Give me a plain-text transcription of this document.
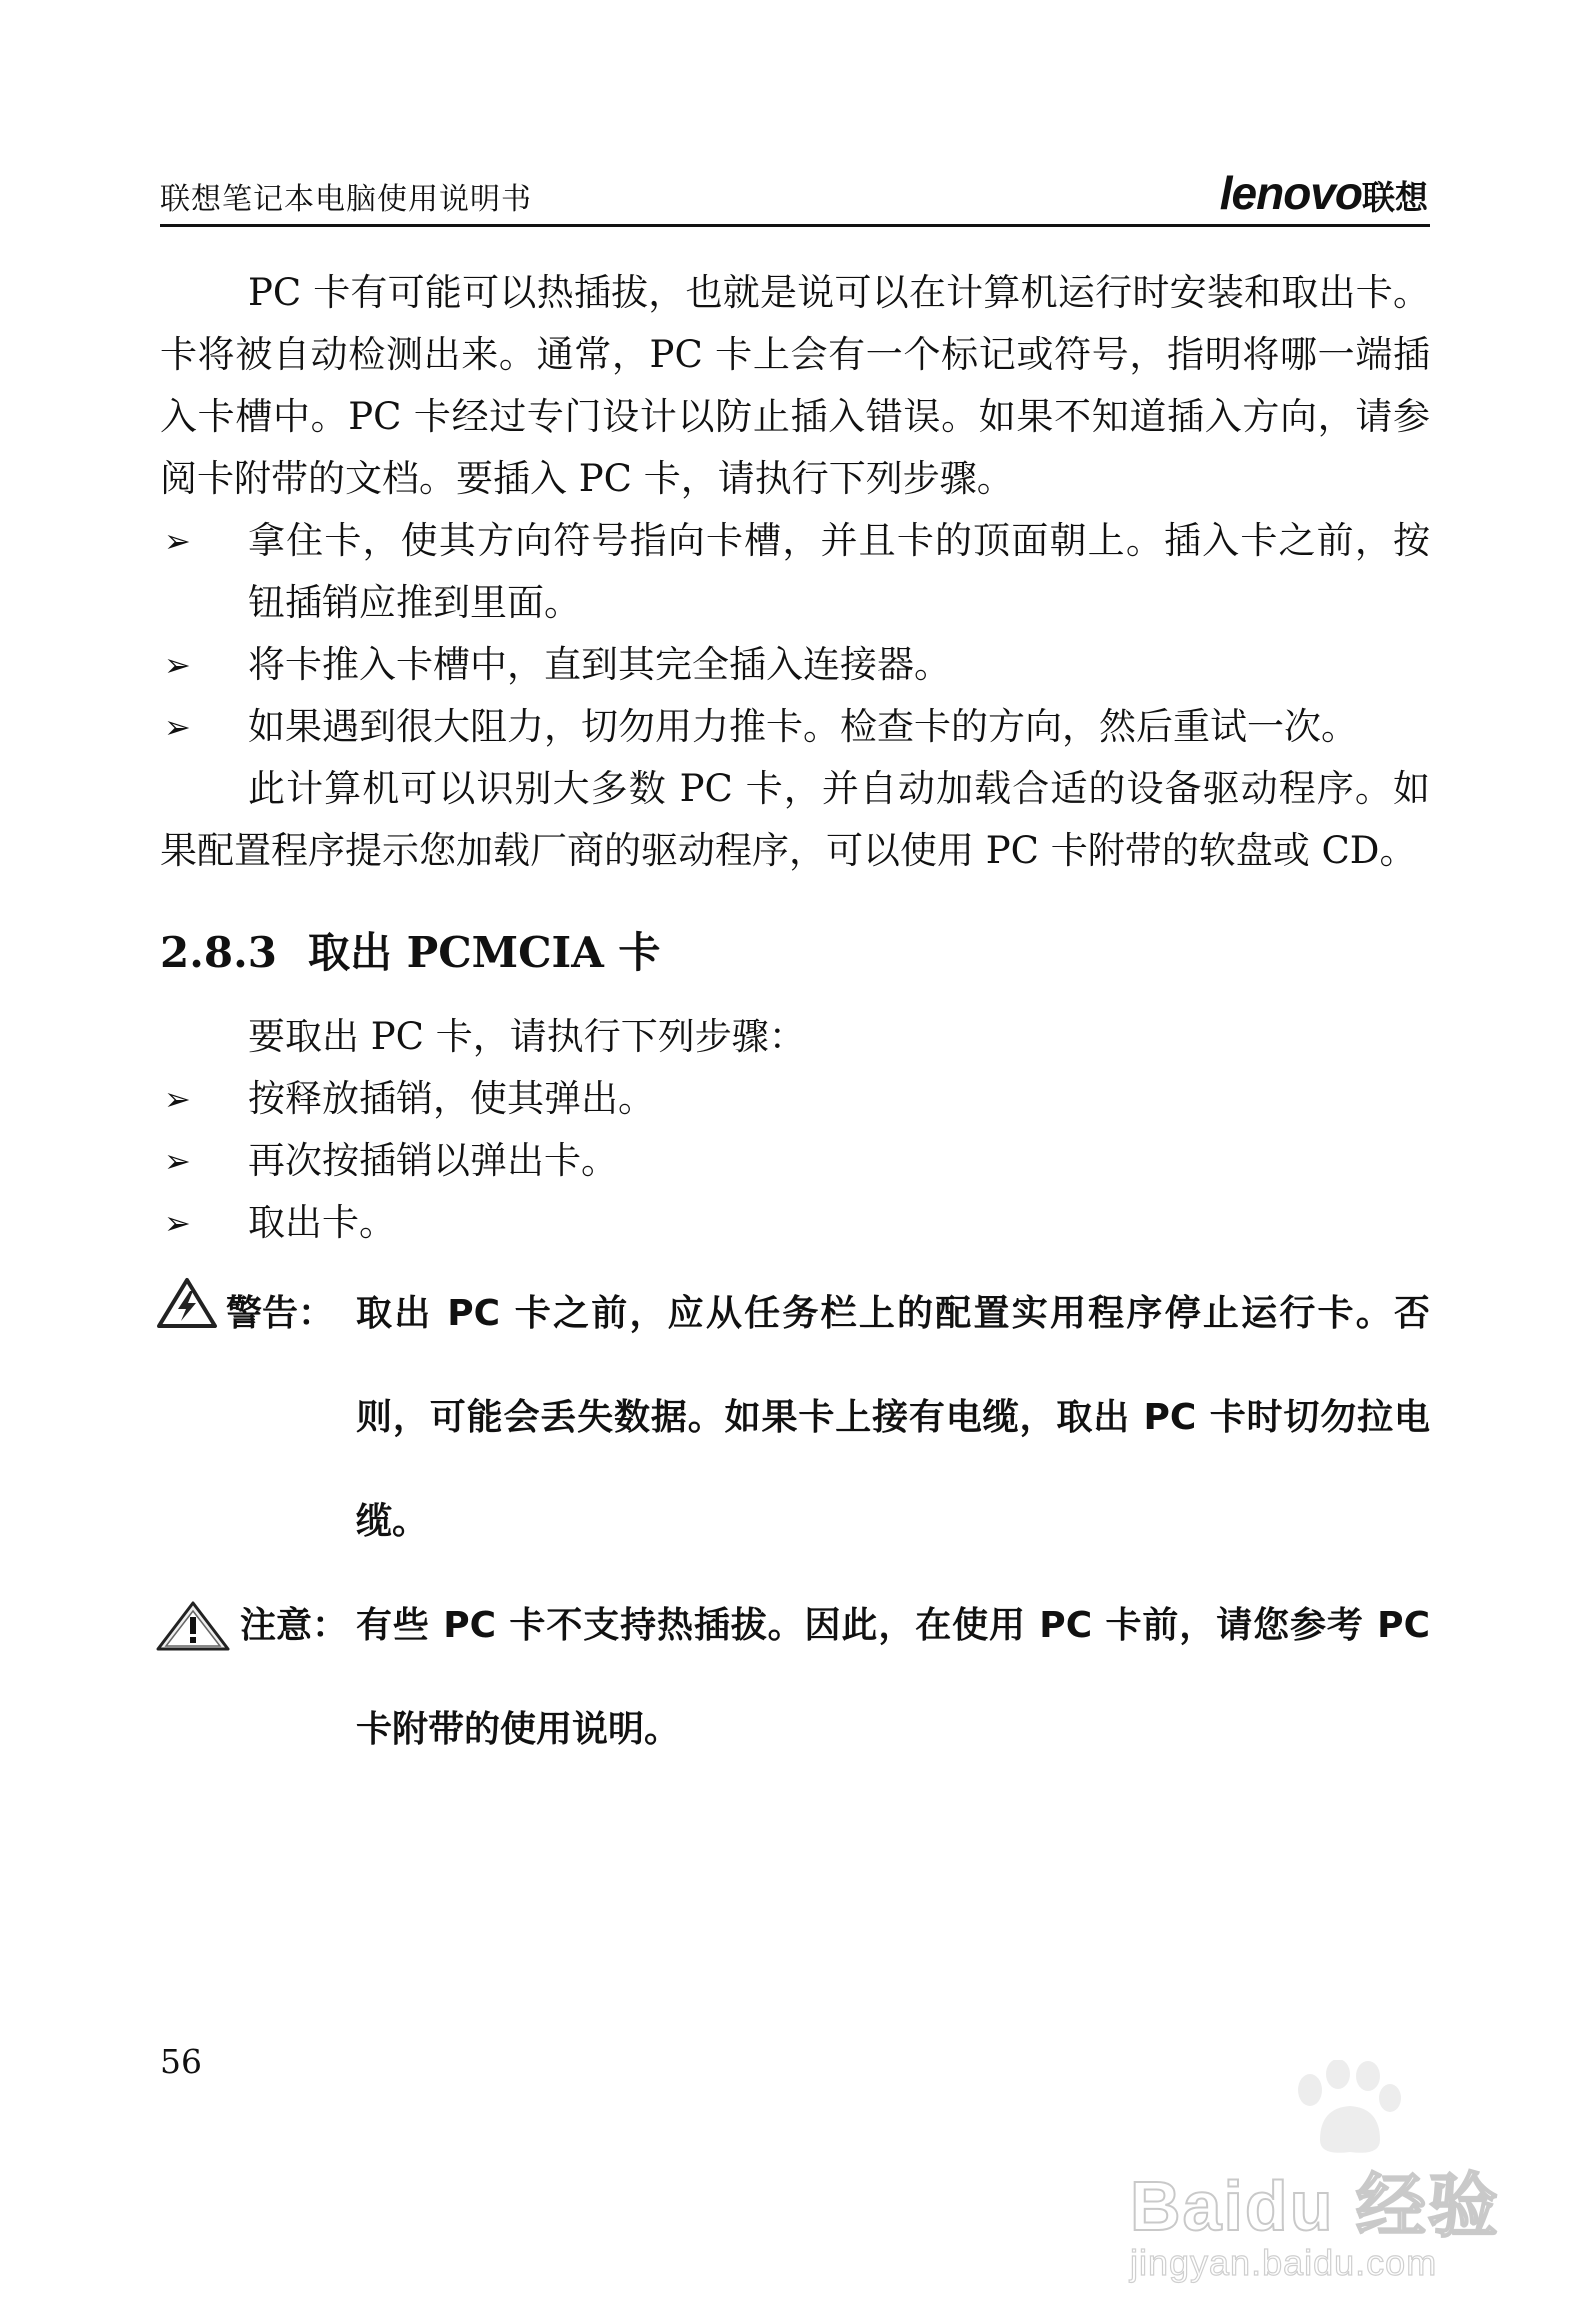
联想笔记本电脑使用说明书	lenovo联想

PC 卡有可能可以热插拔，也就是说可以在计算机运行时安装和取出卡。卡将被自动检测出来。通常，PC 卡上会有一个标记或符号，指明将哪一端插入卡槽中。PC 卡经过专门设计以防止插入错误。如果不知道插入方向，请参阅卡附带的文档。要插入 PC 卡，请执行下列步骤。

➢ 拿住卡，使其方向符号指向卡槽，并且卡的顶面朝上。插入卡之前，按钮插销应推到里面。

➢ 将卡推入卡槽中，直到其完全插入连接器。

➢ 如果遇到很大阻力，切勿用力推卡。检查卡的方向，然后重试一次。

此计算机可以识别大多数 PC 卡，并自动加载合适的设备驱动程序。如果配置程序提示您加载厂商的驱动程序，可以使用 PC 卡附带的软盘或 CD。

2.8.3 取出 PCMCIA 卡

要取出 PC 卡，请执行下列步骤：

➢ 按释放插销，使其弹出。

➢ 再次按插销以弹出卡。

➢ 取出卡。

警告： 取出 PC 卡之前，应从任务栏上的配置实用程序停止运行卡。否则，可能会丢失数据。如果卡上接有电缆，取出 PC 卡时切勿拉电缆。
注意： 有些 PC 卡不支持热插拔。因此，在使用 PC 卡前，请您参考 PC 卡附带的使用说明。
56
Baidu 经验
jingyan.baidu.com
